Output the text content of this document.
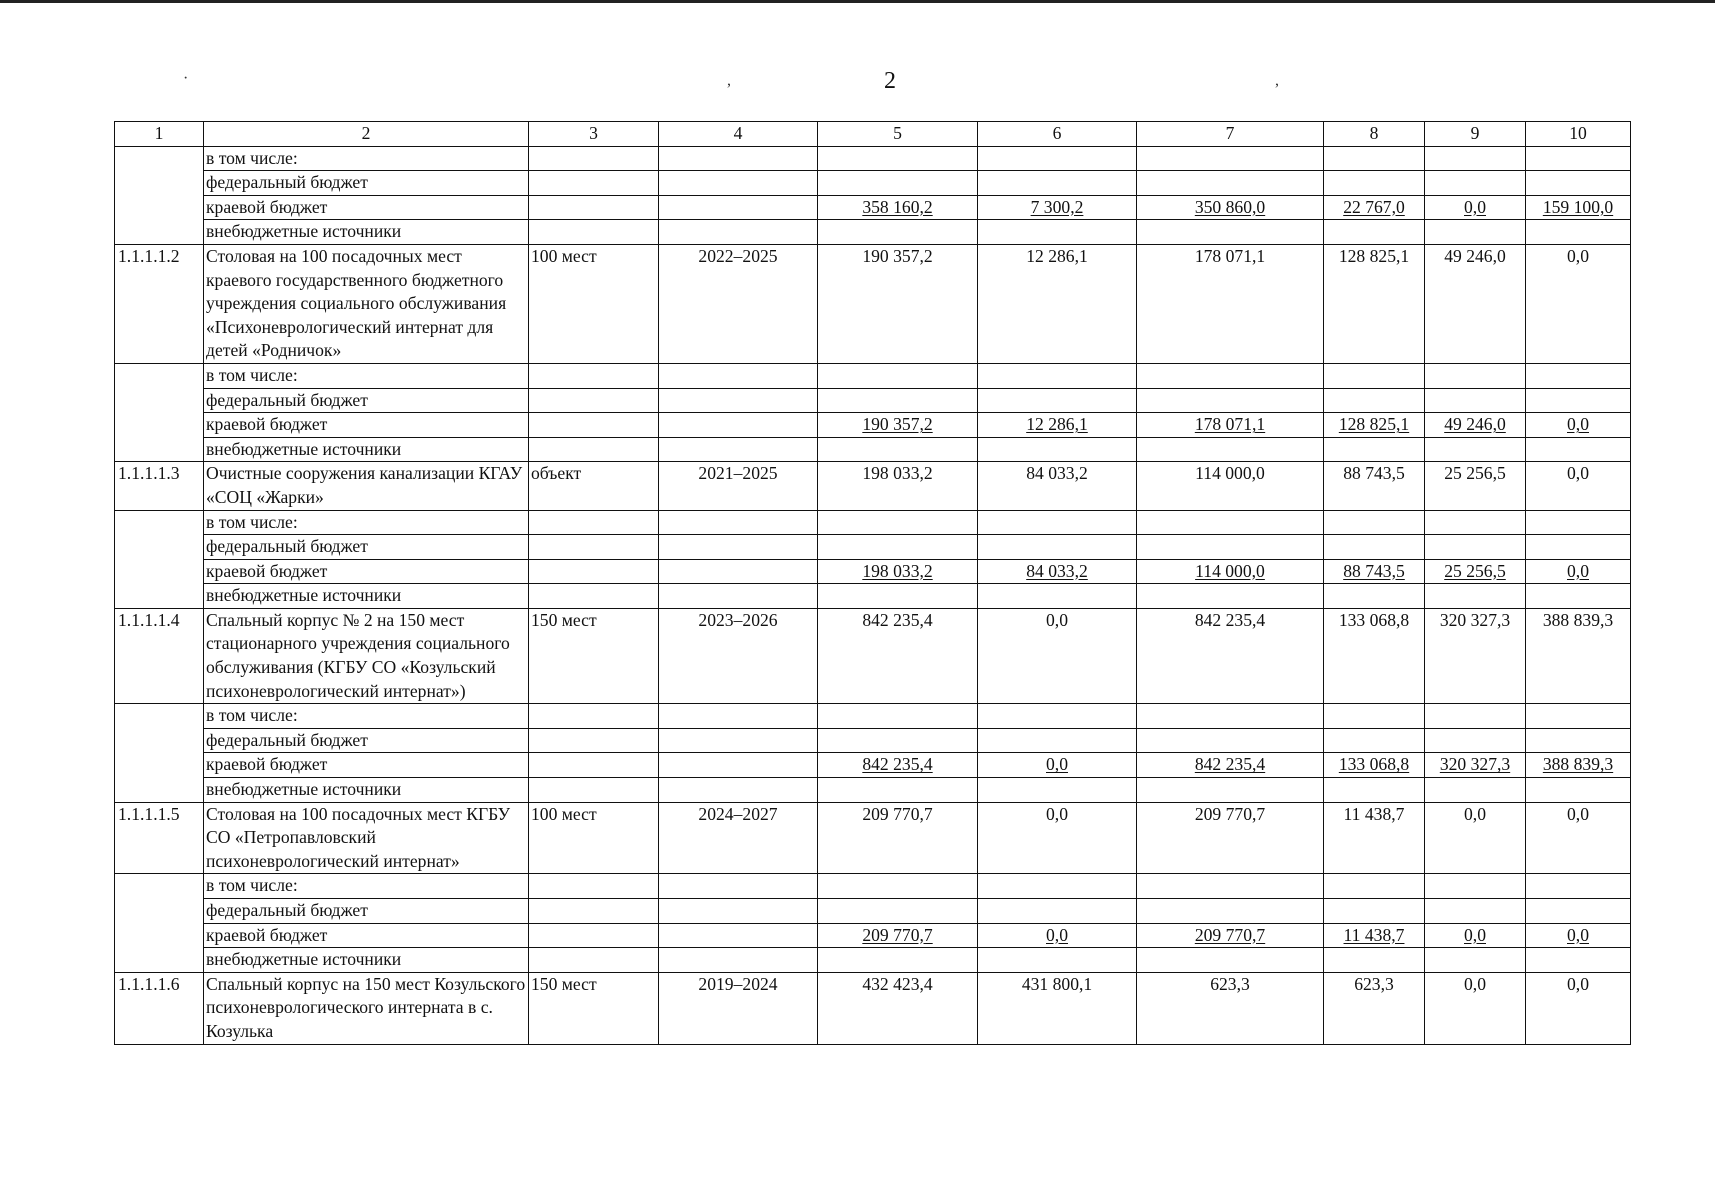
·	,	,
2
1	2	3	4	5	6	7	8	9	10
	в том числе:								
	федеральный бюджет								
	краевой бюджет			358 160,2	7 300,2	350 860,0	22 767,0	0,0	159 100,0
	внебюджетные источники								
1.1.1.1.2	Столовая на 100 посадочных мест краевого государственного бюджетного учреждения социального обслуживания «Психоневрологический интернат для детей «Родничок»	100 мест	2022–2025	190 357,2	12 286,1	178 071,1	128 825,1	49 246,0	0,0
	в том числе:								
	федеральный бюджет								
	краевой бюджет			190 357,2	12 286,1	178 071,1	128 825,1	49 246,0	0,0
	внебюджетные источники								
1.1.1.1.3	Очистные сооружения канализации КГАУ «СОЦ «Жарки»	объект	2021–2025	198 033,2	84 033,2	114 000,0	88 743,5	25 256,5	0,0
	в том числе:								
	федеральный бюджет								
	краевой бюджет			198 033,2	84 033,2	114 000,0	88 743,5	25 256,5	0,0
	внебюджетные источники								
1.1.1.1.4	Спальный корпус № 2 на 150 мест стационарного учреждения социального обслуживания (КГБУ СО «Козульский психоневрологический интернат»)	150 мест	2023–2026	842 235,4	0,0	842 235,4	133 068,8	320 327,3	388 839,3
	в том числе:								
	федеральный бюджет								
	краевой бюджет			842 235,4	0,0	842 235,4	133 068,8	320 327,3	388 839,3
	внебюджетные источники								
1.1.1.1.5	Столовая на 100 посадочных мест КГБУ СО «Петропавловский психоневрологический интернат»	100 мест	2024–2027	209 770,7	0,0	209 770,7	11 438,7	0,0	0,0
	в том числе:								
	федеральный бюджет								
	краевой бюджет			209 770,7	0,0	209 770,7	11 438,7	0,0	0,0
	внебюджетные источники								
1.1.1.1.6	Спальный корпус на 150 мест Козульского психоневрологического интерната в с. Козулька	150 мест	2019–2024	432 423,4	431 800,1	623,3	623,3	0,0	0,0
